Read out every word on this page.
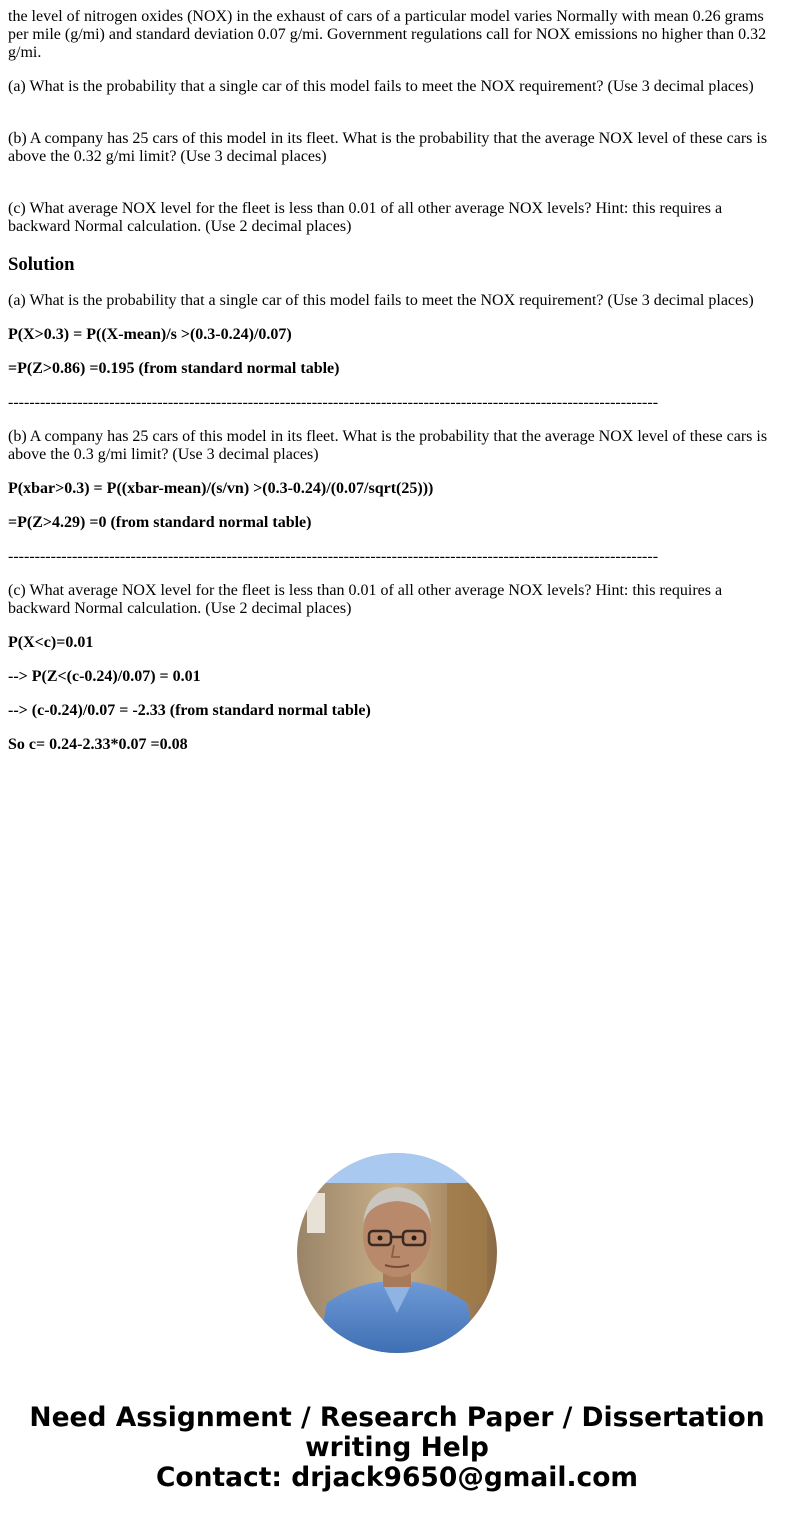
the level of nitrogen oxides (NOX) in the exhaust of cars of a particular model varies Normally with mean 0.26 grams per mile (g/mi) and standard deviation 0.07 g/mi. Government regulations call for NOX emissions no higher than 0.32 g/mi.

(a) What is the probability that a single car of this model fails to meet the NOX requirement? (Use 3 decimal places)

(b) A company has 25 cars of this model in its fleet. What is the probability that the average NOX level of these cars is above the 0.32 g/mi limit? (Use 3 decimal places)

(c) What average NOX level for the fleet is less than 0.01 of all other average NOX levels? Hint: this requires a backward Normal calculation. (Use 2 decimal places)

Solution

(a) What is the probability that a single car of this model fails to meet the NOX requirement? (Use 3 decimal places)

P(X>0.3) = P((X-mean)/s >(0.3-0.24)/0.07)

=P(Z>0.86) =0.195 (from standard normal table)

--------------------------------------------------------------------------------------------------------------------------

(b) A company has 25 cars of this model in its fleet. What is the probability that the average NOX level of these cars is above the 0.3 g/mi limit? (Use 3 decimal places)

P(xbar>0.3) = P((xbar-mean)/(s/vn) >(0.3-0.24)/(0.07/sqrt(25)))

=P(Z>4.29) =0 (from standard normal table)

--------------------------------------------------------------------------------------------------------------------------

(c) What average NOX level for the fleet is less than 0.01 of all other average NOX levels? Hint: this requires a backward Normal calculation. (Use 2 decimal places)

P(X<c)=0.01

--> P(Z<(c-0.24)/0.07) = 0.01

--> (c-0.24)/0.07 = -2.33 (from standard normal table)

So c= 0.24-2.33*0.07 =0.08

Need Assignment / Research Paper / Dissertation
writing Help
Contact: drjack9650@gmail.com
